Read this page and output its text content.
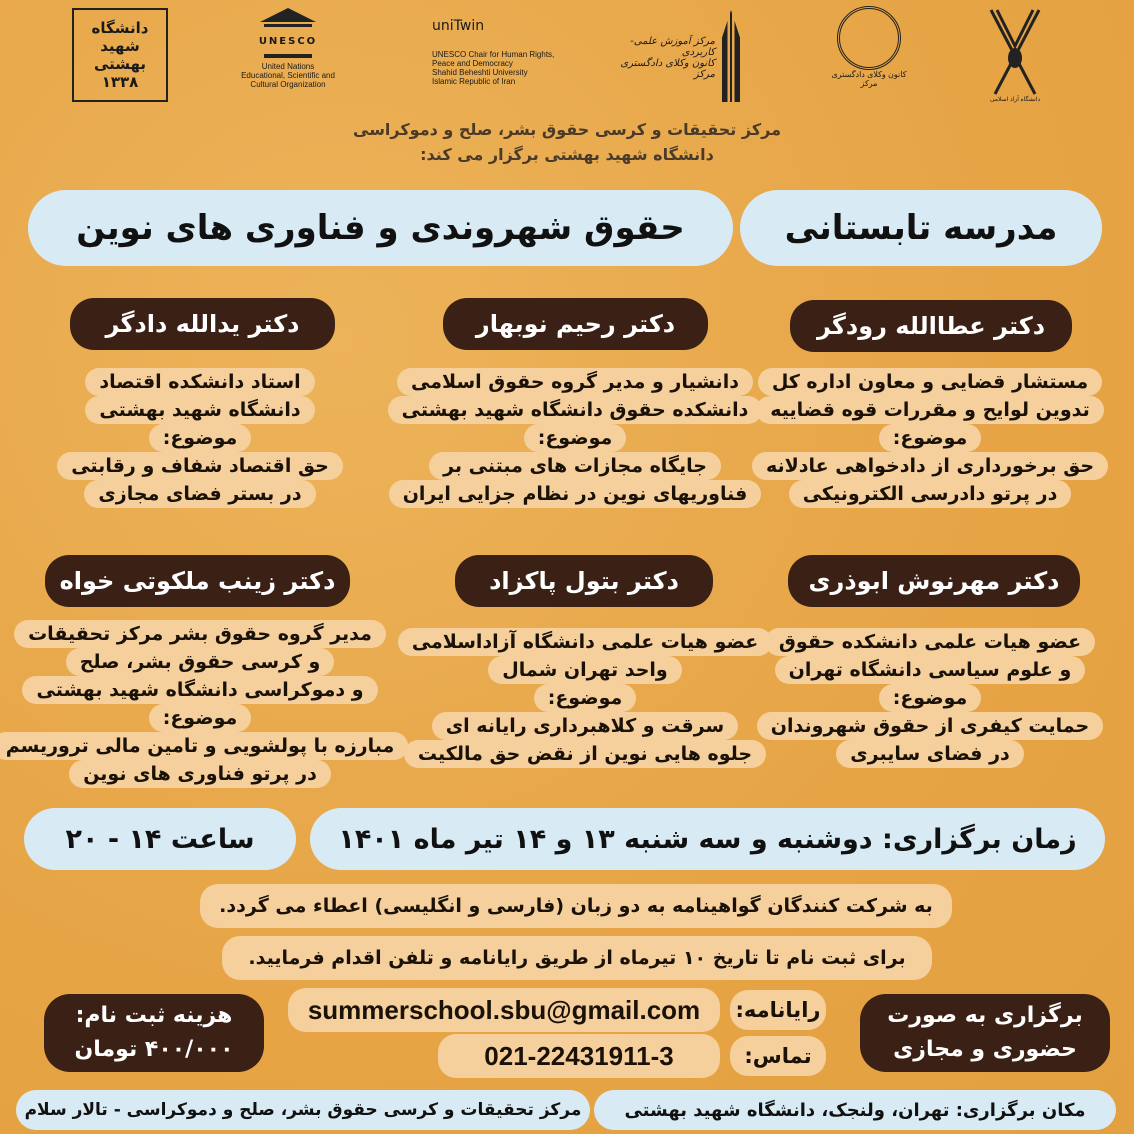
دانشگاه شهید بهشتی ۱۳۳۸
UNESCO
United Nations
Educational, Scientific and
Cultural Organization
uniTwin
UNESCO Chair for Human Rights,
Peace and Democracy
Shahid Beheshti University
Islamic Republic of Iran
مرکز آموزش علمی-کاربردی
کانون وکلای دادگستری مرکز	کانون وکلای دادگستری مرکز
دانشگاه آزاد اسلامی
مرکز تحقیقات و کرسی حقوق بشر، صلح و دموکراسی
دانشگاه شهید بهشتی برگزار می کند:
مدرسه تابستانی
حقوق شهروندی و فناوری های نوین
دکتر عطاالله رودگر
مستشار قضایی و معاون اداره کل
تدوین لوایح و مقررات قوه قضاییه
موضوع:
حق برخورداری از دادخواهی عادلانه
در پرتو دادرسی الکترونیکی
دکتر رحیم نوبهار
دانشیار و مدیر گروه حقوق اسلامی
دانشکده حقوق دانشگاه شهید بهشتی
موضوع:
جایگاه مجازات های مبتنی بر
فناوریهای نوین در نظام جزایی ایران
دکتر یدالله دادگر
استاد دانشکده اقتصاد
دانشگاه شهید بهشتی
موضوع:
حق اقتصاد شفاف و رقابتی
در بستر فضای مجازی
دکتر مهرنوش ابوذری
عضو هیات علمی دانشکده حقوق
و علوم سیاسی دانشگاه تهران
موضوع:
حمایت کیفری از حقوق شهروندان
در فضای سایبری
دکتر بتول پاکزاد
عضو هیات علمی دانشگاه آزاداسلامی
واحد تهران شمال
موضوع:
سرقت و کلاهبرداری رایانه ای
جلوه هایی نوین از نقض حق مالکیت
دکتر زینب ملکوتی خواه
مدیر گروه حقوق بشر مرکز تحقیقات
و کرسی حقوق بشر، صلح
و دموکراسی دانشگاه شهید بهشتی
موضوع:
مبارزه با پولشویی و تامین مالی تروریسم
در پرتو فناوری های نوین
زمان برگزاری: دوشنبه و سه شنبه ۱۳ و ۱۴ تیر ماه ۱۴۰۱
ساعت ۱۴ - ۲۰
به شرکت کنندگان گواهینامه به دو زبان (فارسی و انگلیسی) اعطاء می گردد.
برای ثبت نام تا تاریخ ۱۰ تیرماه از طریق رایانامه و تلفن اقدام فرمایید.
رایانامه:
summerschool.sbu@gmail.com
تماس:
021-22431911-3
برگزاری به صورت
حضوری و مجازی
هزینه ثبت نام:
۴۰۰/۰۰۰ تومان
مکان برگزاری: تهران، ولنجک، دانشگاه شهید بهشتی
مرکز تحقیقات و کرسی حقوق بشر، صلح و دموکراسی - تالار سلام
